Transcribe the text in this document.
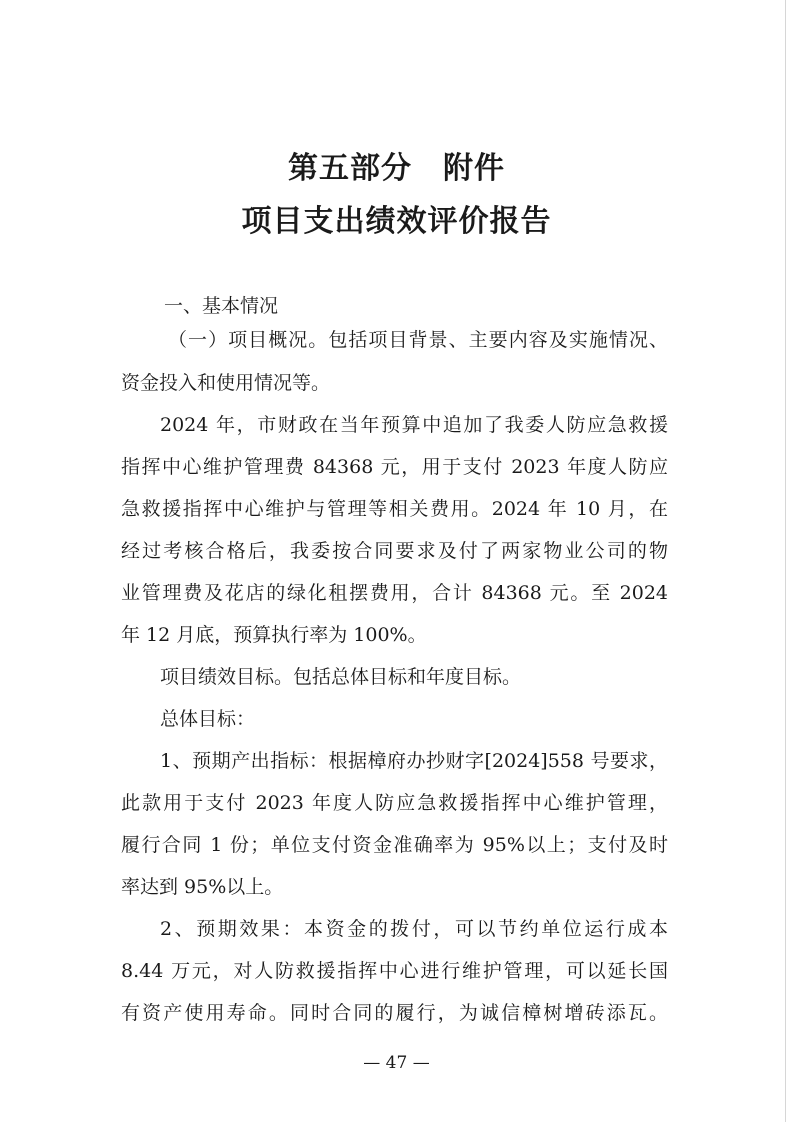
第五部分　附件
项目支出绩效评价报告
一、基本情况
（一）项目概况。包括项目背景、主要内容及实施情况、
资金投入和使用情况等。
2024 年，市财政在当年预算中追加了我委人防应急救援
指挥中心维护管理费 84368 元，用于支付 2023 年度人防应
急救援指挥中心维护与管理等相关费用。2024 年 10 月，在
经过考核合格后，我委按合同要求及付了两家物业公司的物
业管理费及花店的绿化租摆费用，合计 84368 元。至 2024
年 12 月底，预算执行率为 100%。
项目绩效目标。包括总体目标和年度目标。
总体目标：
1、预期产出指标：根据樟府办抄财字[2024]558 号要求，
此款用于支付 2023 年度人防应急救援指挥中心维护管理，
履行合同 1 份；单位支付资金准确率为 95%以上；支付及时
率达到 95%以上。
2、预期效果：本资金的拨付，可以节约单位运行成本
8.44 万元，对人防救援指挥中心进行维护管理，可以延长国
有资产使用寿命。同时合同的履行，为诚信樟树增砖添瓦。
— 47 —
